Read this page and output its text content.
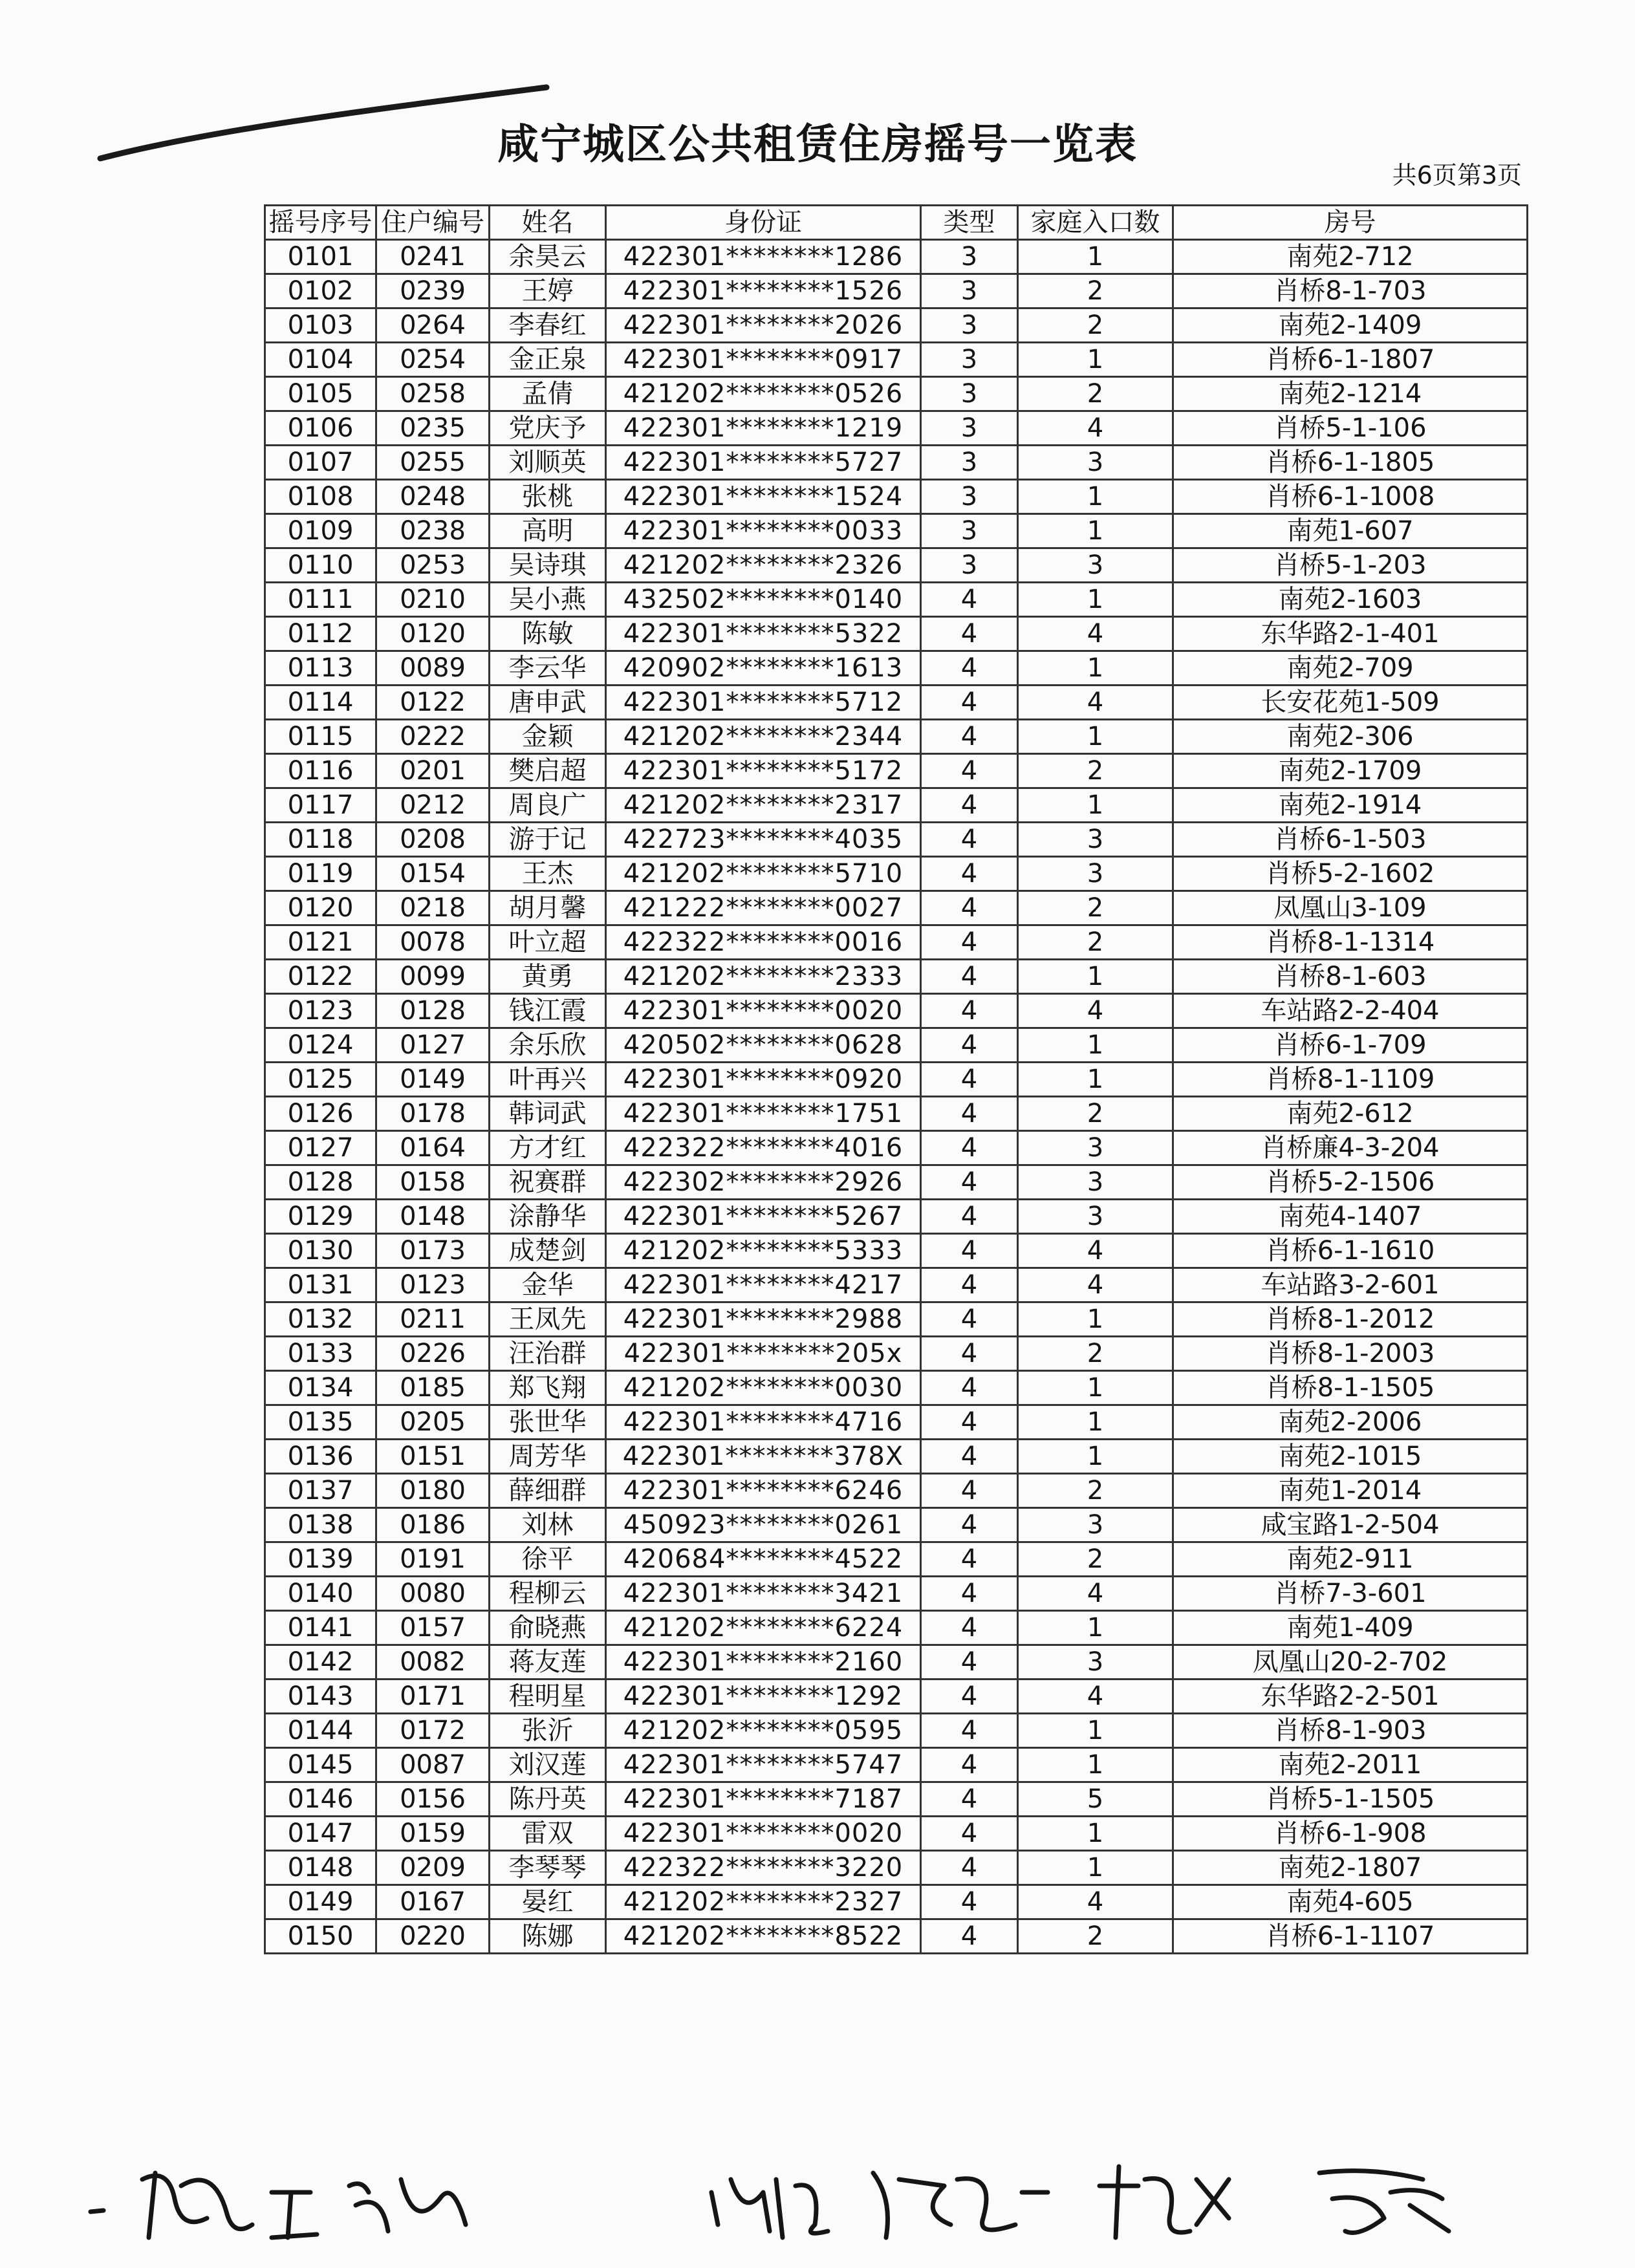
咸宁城区公共租赁住房摇号一览表
共6页第3页
摇号序号	住户编号	姓名	身份证	类型	家庭入口数	房号
0101	0241	余昊云	422301********1286	3	1	南苑2-712
0102	0239	王婷	422301********1526	3	2	肖桥8-1-703
0103	0264	李春红	422301********2026	3	2	南苑2-1409
0104	0254	金正泉	422301********0917	3	1	肖桥6-1-1807
0105	0258	孟倩	421202********0526	3	2	南苑2-1214
0106	0235	党庆予	422301********1219	3	4	肖桥5-1-106
0107	0255	刘顺英	422301********5727	3	3	肖桥6-1-1805
0108	0248	张桃	422301********1524	3	1	肖桥6-1-1008
0109	0238	高明	422301********0033	3	1	南苑1-607
0110	0253	吴诗琪	421202********2326	3	3	肖桥5-1-203
0111	0210	吴小燕	432502********0140	4	1	南苑2-1603
0112	0120	陈敏	422301********5322	4	4	东华路2-1-401
0113	0089	李云华	420902********1613	4	1	南苑2-709
0114	0122	唐申武	422301********5712	4	4	长安花苑1-509
0115	0222	金颖	421202********2344	4	1	南苑2-306
0116	0201	樊启超	422301********5172	4	2	南苑2-1709
0117	0212	周良广	421202********2317	4	1	南苑2-1914
0118	0208	游于记	422723********4035	4	3	肖桥6-1-503
0119	0154	王杰	421202********5710	4	3	肖桥5-2-1602
0120	0218	胡月馨	421222********0027	4	2	凤凰山3-109
0121	0078	叶立超	422322********0016	4	2	肖桥8-1-1314
0122	0099	黄勇	421202********2333	4	1	肖桥8-1-603
0123	0128	钱江霞	422301********0020	4	4	车站路2-2-404
0124	0127	余乐欣	420502********0628	4	1	肖桥6-1-709
0125	0149	叶再兴	422301********0920	4	1	肖桥8-1-1109
0126	0178	韩词武	422301********1751	4	2	南苑2-612
0127	0164	方才红	422322********4016	4	3	肖桥廉4-3-204
0128	0158	祝赛群	422302********2926	4	3	肖桥5-2-1506
0129	0148	涂静华	422301********5267	4	3	南苑4-1407
0130	0173	成楚剑	421202********5333	4	4	肖桥6-1-1610
0131	0123	金华	422301********4217	4	4	车站路3-2-601
0132	0211	王凤先	422301********2988	4	1	肖桥8-1-2012
0133	0226	汪治群	422301********205x	4	2	肖桥8-1-2003
0134	0185	郑飞翔	421202********0030	4	1	肖桥8-1-1505
0135	0205	张世华	422301********4716	4	1	南苑2-2006
0136	0151	周芳华	422301********378X	4	1	南苑2-1015
0137	0180	薛细群	422301********6246	4	2	南苑1-2014
0138	0186	刘林	450923********0261	4	3	咸宝路1-2-504
0139	0191	徐平	420684********4522	4	2	南苑2-911
0140	0080	程柳云	422301********3421	4	4	肖桥7-3-601
0141	0157	俞晓燕	421202********6224	4	1	南苑1-409
0142	0082	蒋友莲	422301********2160	4	3	凤凰山20-2-702
0143	0171	程明星	422301********1292	4	4	东华路2-2-501
0144	0172	张沂	421202********0595	4	1	肖桥8-1-903
0145	0087	刘汉莲	422301********5747	4	1	南苑2-2011
0146	0156	陈丹英	422301********7187	4	5	肖桥5-1-1505
0147	0159	雷双	422301********0020	4	1	肖桥6-1-908
0148	0209	李琴琴	422322********3220	4	1	南苑2-1807
0149	0167	晏红	421202********2327	4	4	南苑4-605
0150	0220	陈娜	421202********8522	4	2	肖桥6-1-1107
